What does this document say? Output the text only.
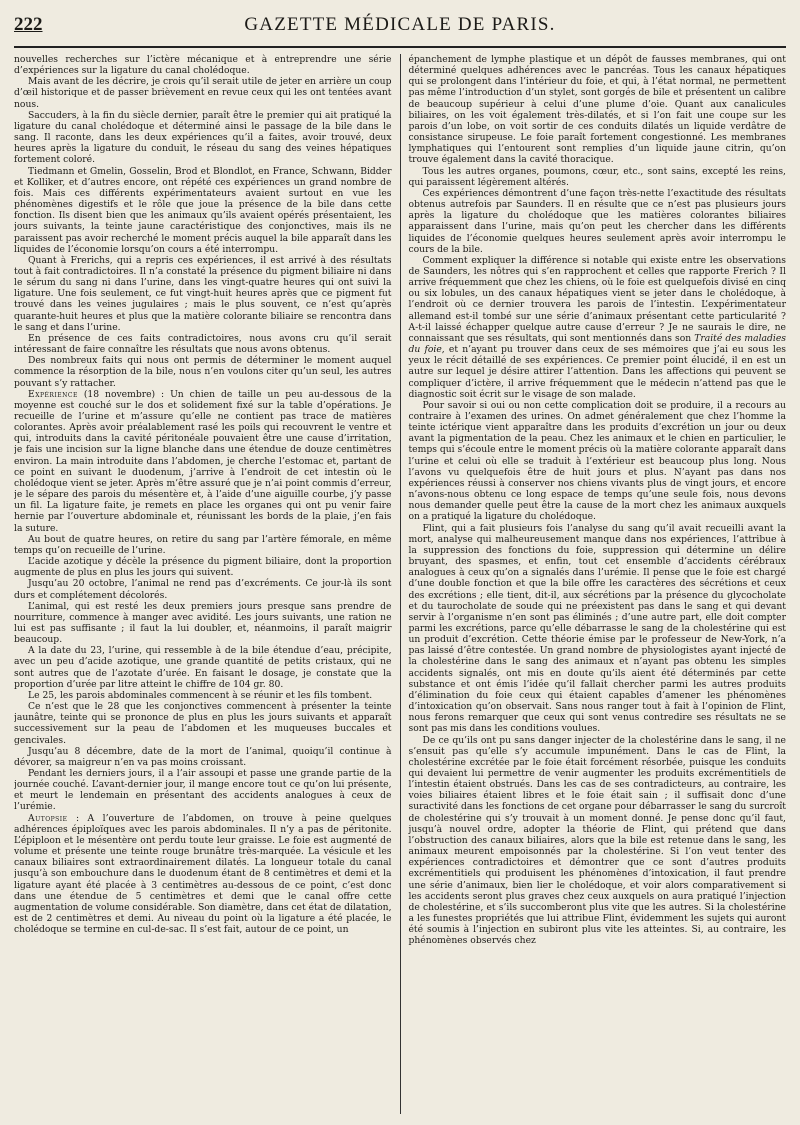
222	GAZETTE MÉDICALE DE PARIS.

nouvelles recherches sur l’ictère mécanique et à entreprendre une série d’expériences sur la ligature du canal cholédoque.

Mais avant de les décrire, je crois qu’il serait utile de jeter en arrière un coup d’œil historique et de passer brièvement en revue ceux qui les ont tentées avant nous.

Saccuders, à la fin du siècle dernier, paraît être le premier qui ait pratiqué la ligature du canal cholédoque et déterminé ainsi le passage de la bile dans le sang. Il raconte, dans les deux expériences qu’il a faites, avoir trouvé, deux heures après la ligature du conduit, le réseau du sang des veines hépatiques fortement coloré.

Tiedmann et Gmelin, Gosselin, Brod et Blondlot, en France, Schwann, Bidder et Kolliker, et d’autres encore, ont répété ces expériences un grand nombre de fois. Mais ces différents expérimentateurs avaient surtout en vue les phénomènes digestifs et le rôle que joue la présence de la bile dans cette fonction. Ils disent bien que les animaux qu’ils avaient opérés présentaient, les jours suivants, la teinte jaune caractéristique des conjonctives, mais ils ne paraissent pas avoir recherché le moment précis auquel la bile apparaît dans les liquides de l’économie lorsqu’on cours a été interrompu.

Quant à Frerichs, qui a repris ces expériences, il est arrivé à des résultats tout à fait contradictoires. Il n’a constaté la présence du pigment biliaire ni dans le sérum du sang ni dans l’urine, dans les vingt-quatre heures qui ont suivi la ligature. Une fois seulement, ce fut vingt-huit heures après que ce pigment fut trouvé dans les veines jugulaires ; mais le plus souvent, ce n’est qu’après quarante-huit heures et plus que la matière colorante biliaire se rencontra dans le sang et dans l’urine.

En présence de ces faits contradictoires, nous avons cru qu’il serait intéressant de faire connaître les résultats que nous avons obtenus.

Des nombreux faits qui nous ont permis de déterminer le moment auquel commence la résorption de la bile, nous n’en voulons citer qu’un seul, les autres pouvant s’y rattacher.

Expérience (18 novembre) : Un chien de taille un peu au-dessous de la moyenne est couché sur le dos et solidement fixé sur la table d’opérations. Je recueille de l’urine et m’assure qu’elle ne contient pas trace de matières colorantes. Après avoir préalablement rasé les poils qui recouvrent le ventre et qui, introduits dans la cavité péritonéale pouvaient être une cause d’irritation, je fais une incision sur la ligne blanche dans une étendue de douze centimètres environ. La main introduite dans l’abdomen, je cherche l’estomac et, partant de ce point en suivant le duodenum, j’arrive à l’endroit de cet intestin où le cholédoque vient se jeter. Après m’être assuré que je n’ai point commis d’erreur, je le sépare des parois du mésentère et, à l’aide d’une aiguille courbe, j’y passe un fil. La ligature faite, je remets en place les organes qui ont pu venir faire hernie par l’ouverture abdominale et, réunissant les bords de la plaie, j’en fais la suture.

Au bout de quatre heures, on retire du sang par l’artère fémorale, en même temps qu’on recueille de l’urine.

L’acide azotique y décèle la présence du pigment biliaire, dont la proportion augmente de plus en plus les jours qui suivent.

Jusqu’au 20 octobre, l’animal ne rend pas d’excréments. Ce jour-là ils sont durs et complétement décolorés.

L’animal, qui est resté les deux premiers jours presque sans prendre de nourriture, commence à manger avec avidité. Les jours suivants, une ration ne lui est pas suffisante ; il faut la lui doubler, et, néanmoins, il paraît maigrir beaucoup.

A la date du 23, l’urine, qui ressemble à de la bile étendue d’eau, précipite, avec un peu d’acide azotique, une grande quantité de petits cristaux, qui ne sont autres que de l’azotate d’urée. En faisant le dosage, je constate que la proportion d’urée par litre atteint le chiffre de 104 gr. 80.

Le 25, les parois abdominales commencent à se réunir et les fils tombent.

Ce n’est que le 28 que les conjonctives commencent à présenter la teinte jaunâtre, teinte qui se prononce de plus en plus les jours suivants et apparaît successivement sur la peau de l’abdomen et les muqueuses buccales et gencivales.

Jusqu’au 8 décembre, date de la mort de l’animal, quoiqu’il continue à dévorer, sa maigreur n’en va pas moins croissant.

Pendant les derniers jours, il a l’air assoupi et passe une grande partie de la journée couché. L’avant-dernier jour, il mange encore tout ce qu’on lui présente, et meurt le lendemain en présentant des accidents analogues à ceux de l’urémie.

Autopsie : A l’ouverture de l’abdomen, on trouve à peine quelques adhérences épiploïques avec les parois abdominales. Il n’y a pas de péritonite. L’épiploon et le mésentère ont perdu toute leur graisse. Le foie est augmenté de volume et présente une teinte rouge brunâtre très-marquée. La vésicule et les canaux biliaires sont extraordinairement dilatés. La longueur totale du canal jusqu’à son embouchure dans le duodenum étant de 8 centimètres et demi et la ligature ayant été placée à 3 centimètres au-dessous de ce point, c’est donc dans une étendue de 5 centimètres et demi que le canal offre cette augmentation de volume considérable. Son diamètre, dans cet état de dilatation, est de 2 centimètres et demi. Au niveau du point où la ligature a été placée, le cholédoque se termine en cul-de-sac. Il s’est fait, autour de ce point, un

épanchement de lymphe plastique et un dépôt de fausses membranes, qui ont déterminé quelques adhérences avec le pancréas. Tous les canaux hépatiques qui se prolongent dans l’intérieur du foie, et qui, à l’état normal, ne permettent pas même l’introduction d’un stylet, sont gorgés de bile et présentent un calibre de beaucoup supérieur à celui d’une plume d’oie. Quant aux canalicules biliaires, on les voit également très-dilatés, et si l’on fait une coupe sur les parois d’un lobe, on voit sortir de ces conduits dilatés un liquide verdâtre de consistance sirupeuse. Le foie paraît fortement congestionné. Les membranes lymphatiques qui l’entourent sont remplies d’un liquide jaune citrin, qu’on trouve également dans la cavité thoracique.

Tous les autres organes, poumons, cœur, etc., sont sains, excepté les reins, qui paraissent légèrement altérés.

Ces expériences démontrent d’une façon très-nette l’exactitude des résultats obtenus autrefois par Saunders. Il en résulte que ce n’est pas plusieurs jours après la ligature du cholédoque que les matières colorantes biliaires apparaissent dans l’urine, mais qu’on peut les chercher dans les différents liquides de l’économie quelques heures seulement après avoir interrompu le cours de la bile.

Comment expliquer la différence si notable qui existe entre les observations de Saunders, les nôtres qui s’en rapprochent et celles que rapporte Frerich ? Il arrive fréquemment que chez les chiens, où le foie est quelquefois divisé en cinq ou six lobules, un des canaux hépatiques vient se jeter dans le cholédoque, à l’endroit où ce dernier trouvera les parois de l’intestin. L’expérimentateur allemand est-il tombé sur une série d’animaux présentant cette particularité ? A-t-il laissé échapper quelque autre cause d’erreur ? Je ne saurais le dire, ne connaissant que ses résultats, qui sont mentionnés dans son Traité des maladies du foie, et n’ayant pu trouver dans ceux de ses mémoires que j’ai eu sous les yeux le récit détaillé de ses expériences. Ce premier point élucidé, il en est un autre sur lequel je désire attirer l’attention. Dans les affections qui peuvent se compliquer d’ictère, il arrive fréquemment que le médecin n’attend pas que le diagnostic soit écrit sur le visage de son malade.

Pour savoir si oui ou non cette complication doit se produire, il a recours au contraire à l’examen des urines. On admet généralement que chez l’homme la teinte ictérique vient apparaître dans les produits d’excrétion un jour ou deux avant la pigmentation de la peau. Chez les animaux et le chien en particulier, le temps qui s’écoule entre le moment précis où la matière colorante apparaît dans l’urine et celui où elle se traduit à l’extérieur est beaucoup plus long. Nous l’avons vu quelquefois être de huit jours et plus. N’ayant pas dans nos expériences réussi à conserver nos chiens vivants plus de vingt jours, et encore n’avons-nous obtenu ce long espace de temps qu’une seule fois, nous devons nous demander quelle peut être la cause de la mort chez les animaux auxquels on a pratiqué la ligature du cholédoque.

Flint, qui a fait plusieurs fois l’analyse du sang qu’il avait recueilli avant la mort, analyse qui malheureusement manque dans nos expériences, l’attribue à la suppression des fonctions du foie, suppression qui détermine un délire bruyant, des spasmes, et enfin, tout cet ensemble d’accidents cérébraux analogues à ceux qu’on a signalés dans l’urémie. Il pense que le foie est chargé d’une double fonction et que la bile offre les caractères des sécrétions et ceux des excrétions ; elle tient, dit-il, aux sécrétions par la présence du glycocholate et du taurocholate de soude qui ne préexistent pas dans le sang et qui devant servir à l’organisme n’en sont pas éliminés ; d’une autre part, elle doit compter parmi les excrétions, parce qu’elle débarrasse le sang de la cholestérine qui est un produit d’excrétion. Cette théorie émise par le professeur de New-York, n’a pas laissé d’être contestée. Un grand nombre de physiologistes ayant injecté de la cholestérine dans le sang des animaux et n’ayant pas obtenu les simples accidents signalés, ont mis en doute qu’ils aient été déterminés par cette substance et ont émis l’idée qu’il fallait chercher parmi les autres produits d’élimination du foie ceux qui étaient capables d’amener les phénomènes d’intoxication qu’on observait. Sans nous ranger tout à fait à l’opinion de Flint, nous ferons remarquer que ceux qui sont venus contredire ses résultats ne se sont pas mis dans les conditions voulues.

De ce qu’ils ont pu sans danger injecter de la cholestérine dans le sang, il ne s’ensuit pas qu’elle s’y accumule impunément. Dans le cas de Flint, la cholestérine excrétée par le foie était forcément résorbée, puisque les conduits qui devaient lui permettre de venir augmenter les produits excrémentitiels de l’intestin étaient obstrués. Dans les cas de ses contradicteurs, au contraire, les voies biliaires étaient libres et le foie était sain ; il suffisait donc d’une suractivité dans les fonctions de cet organe pour débarrasser le sang du surcroît de cholestérine qui s’y trouvait à un moment donné. Je pense donc qu’il faut, jusqu’à nouvel ordre, adopter la théorie de Flint, qui prétend que dans l’obstruction des canaux biliaires, alors que la bile est retenue dans le sang, les animaux meurent empoisonnés par la cholestérine. Si l’on veut tenter des expériences contradictoires et démontrer que ce sont d’autres produits excrémentitiels qui produisent les phénomènes d’intoxication, il faut prendre une série d’animaux, bien lier le cholédoque, et voir alors comparativement si les accidents seront plus graves chez ceux auxquels on aura pratiqué l’injection de cholestérine, et s’ils succomberont plus vite que les autres. Si la cholestérine a les funestes propriétés que lui attribue Flint, évidemment les sujets qui auront été soumis à l’injection en subiront plus vite les atteintes. Si, au contraire, les phénomènes observés chez
